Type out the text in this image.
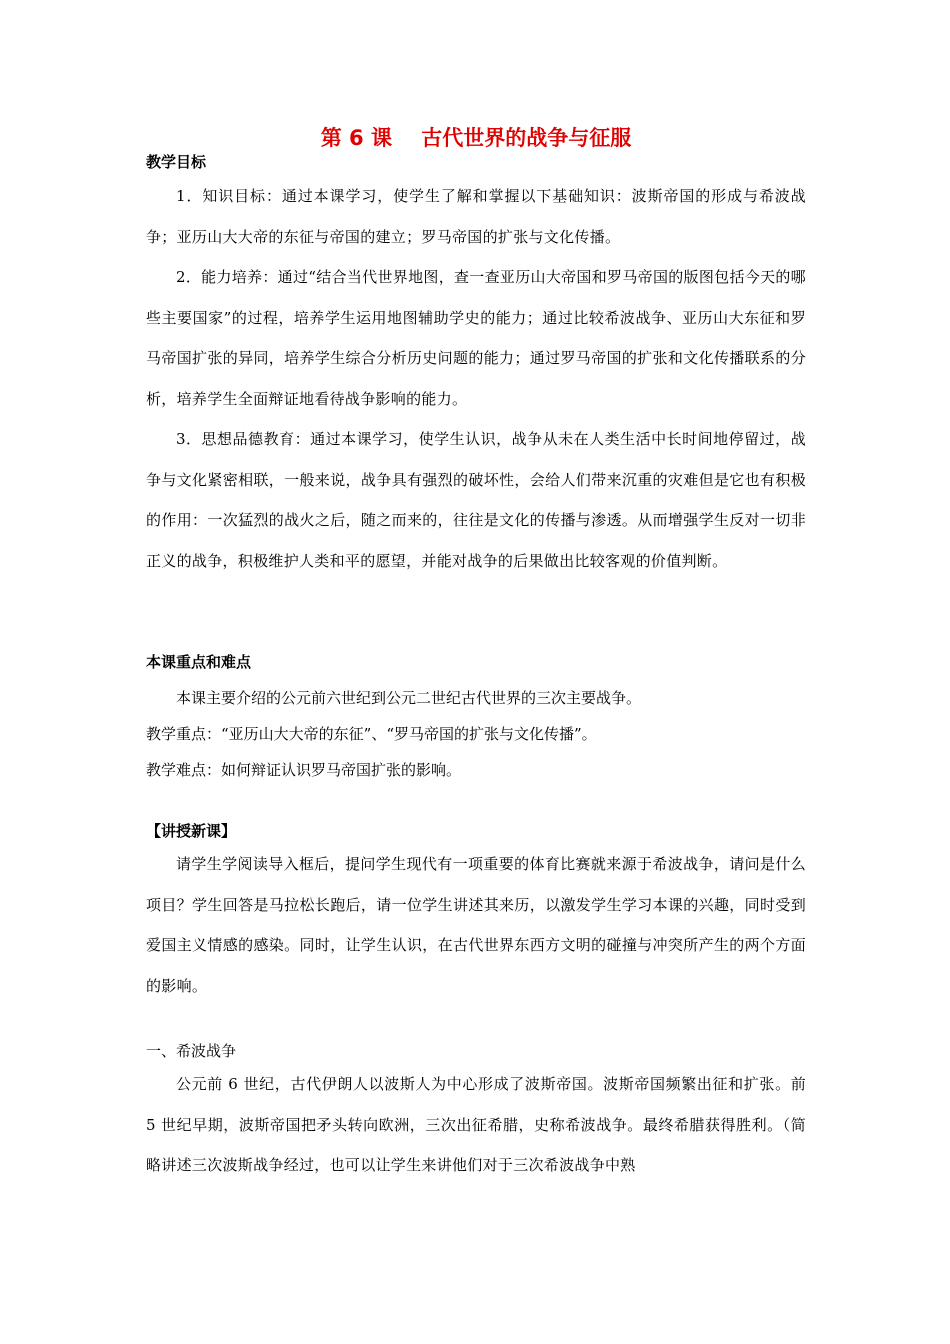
第 6 课    古代世界的战争与征服
教学目标

1．知识目标：通过本课学习，使学生了解和掌握以下基础知识：波斯帝国的形成与希波战争；亚历山大大帝的东征与帝国的建立；罗马帝国的扩张与文化传播。

2．能力培养：通过“结合当代世界地图，查一查亚历山大帝国和罗马帝国的版图包括今天的哪些主要国家”的过程，培养学生运用地图辅助学史的能力；通过比较希波战争、亚历山大东征和罗马帝国扩张的异同，培养学生综合分析历史问题的能力；通过罗马帝国的扩张和文化传播联系的分析，培养学生全面辩证地看待战争影响的能力。

3．思想品德教育：通过本课学习，使学生认识，战争从未在人类生活中长时间地停留过，战争与文化紧密相联，一般来说，战争具有强烈的破坏性，会给人们带来沉重的灾难但是它也有积极的作用：一次猛烈的战火之后，随之而来的，往往是文化的传播与渗透。从而增强学生反对一切非正义的战争，积极维护人类和平的愿望，并能对战争的后果做出比较客观的价值判断。

本课重点和难点

本课主要介绍的公元前六世纪到公元二世纪古代世界的三次主要战争。

教学重点：“亚历山大大帝的东征”、“罗马帝国的扩张与文化传播”。

教学难点：如何辩证认识罗马帝国扩张的影响。

【讲授新课】

请学生学阅读导入框后，提问学生现代有一项重要的体育比赛就来源于希波战争，请问是什么项目？学生回答是马拉松长跑后，请一位学生讲述其来历，以激发学生学习本课的兴趣，同时受到爱国主义情感的感染。同时，让学生认识，在古代世界东西方文明的碰撞与冲突所产生的两个方面的影响。

一、希波战争

公元前 6 世纪，古代伊朗人以波斯人为中心形成了波斯帝国。波斯帝国频繁出征和扩张。前 5 世纪早期，波斯帝国把矛头转向欧洲，三次出征希腊，史称希波战争。最终希腊获得胜利。（简略讲述三次波斯战争经过，也可以让学生来讲他们对于三次希波战争中熟
